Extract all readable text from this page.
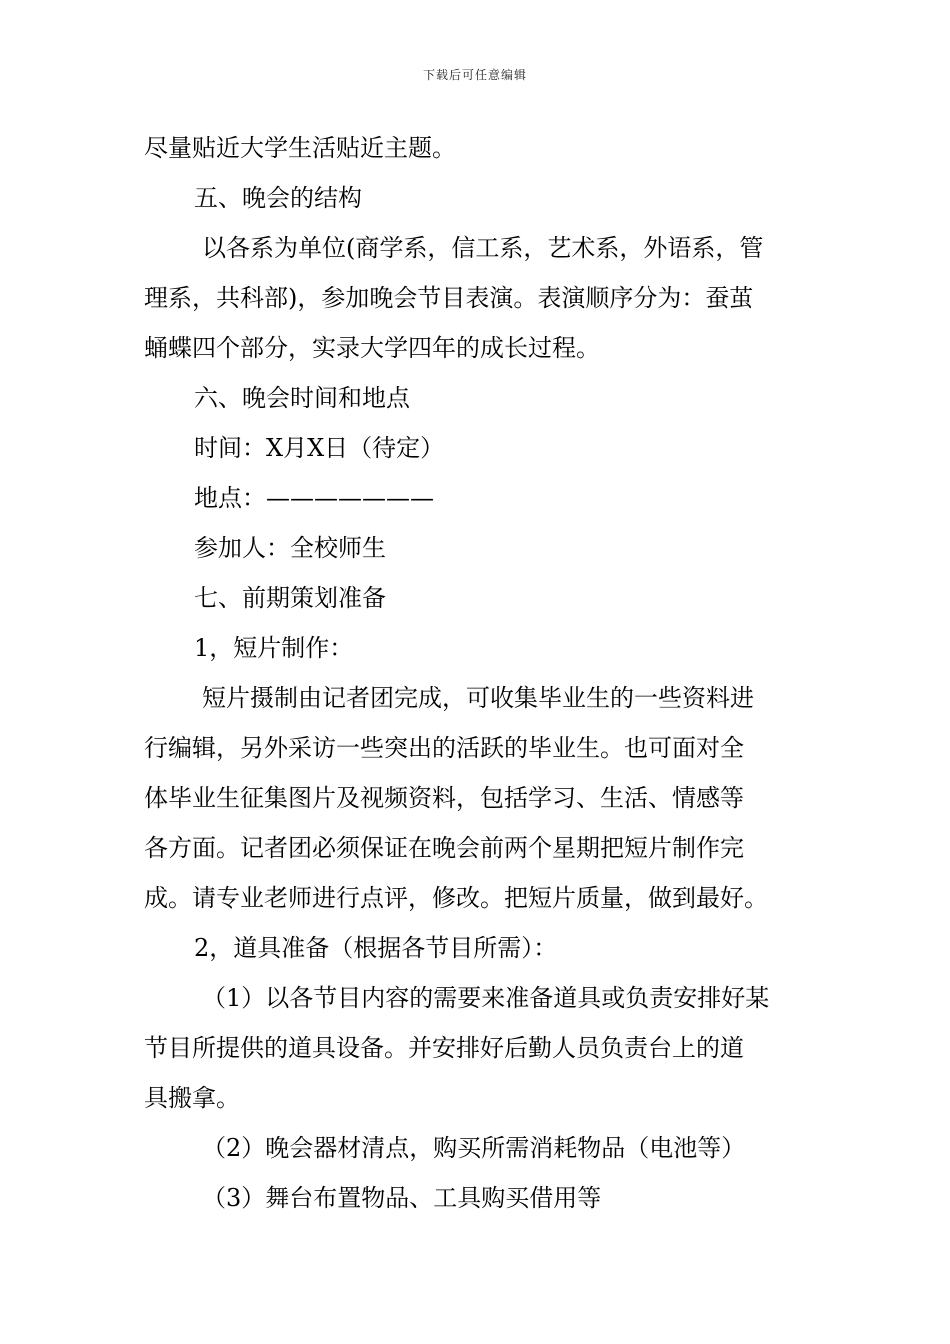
下载后可任意编辑
尽量贴近大学生活贴近主题。
五、晚会的结构
以各系为单位(商学系，信工系，艺术系，外语系，管
理系，共科部)，参加晚会节目表演。表演顺序分为：蚕茧
蛹蝶四个部分，实录大学四年的成长过程。
六、晚会时间和地点
时间：X月X日（待定）
地点：———————
参加人：全校师生
七、前期策划准备
1，短片制作：
短片摄制由记者团完成，可收集毕业生的一些资料进
行编辑，另外采访一些突出的活跃的毕业生。也可面对全
体毕业生征集图片及视频资料，包括学习、生活、情感等
各方面。记者团必须保证在晚会前两个星期把短片制作完
成。请专业老师进行点评，修改。把短片质量，做到最好。
2，道具准备（根据各节目所需）：
（1）以各节目内容的需要来准备道具或负责安排好某
节目所提供的道具设备。并安排好后勤人员负责台上的道
具搬拿。
（2）晚会器材清点，购买所需消耗物品（电池等）
（3）舞台布置物品、工具购买借用等
